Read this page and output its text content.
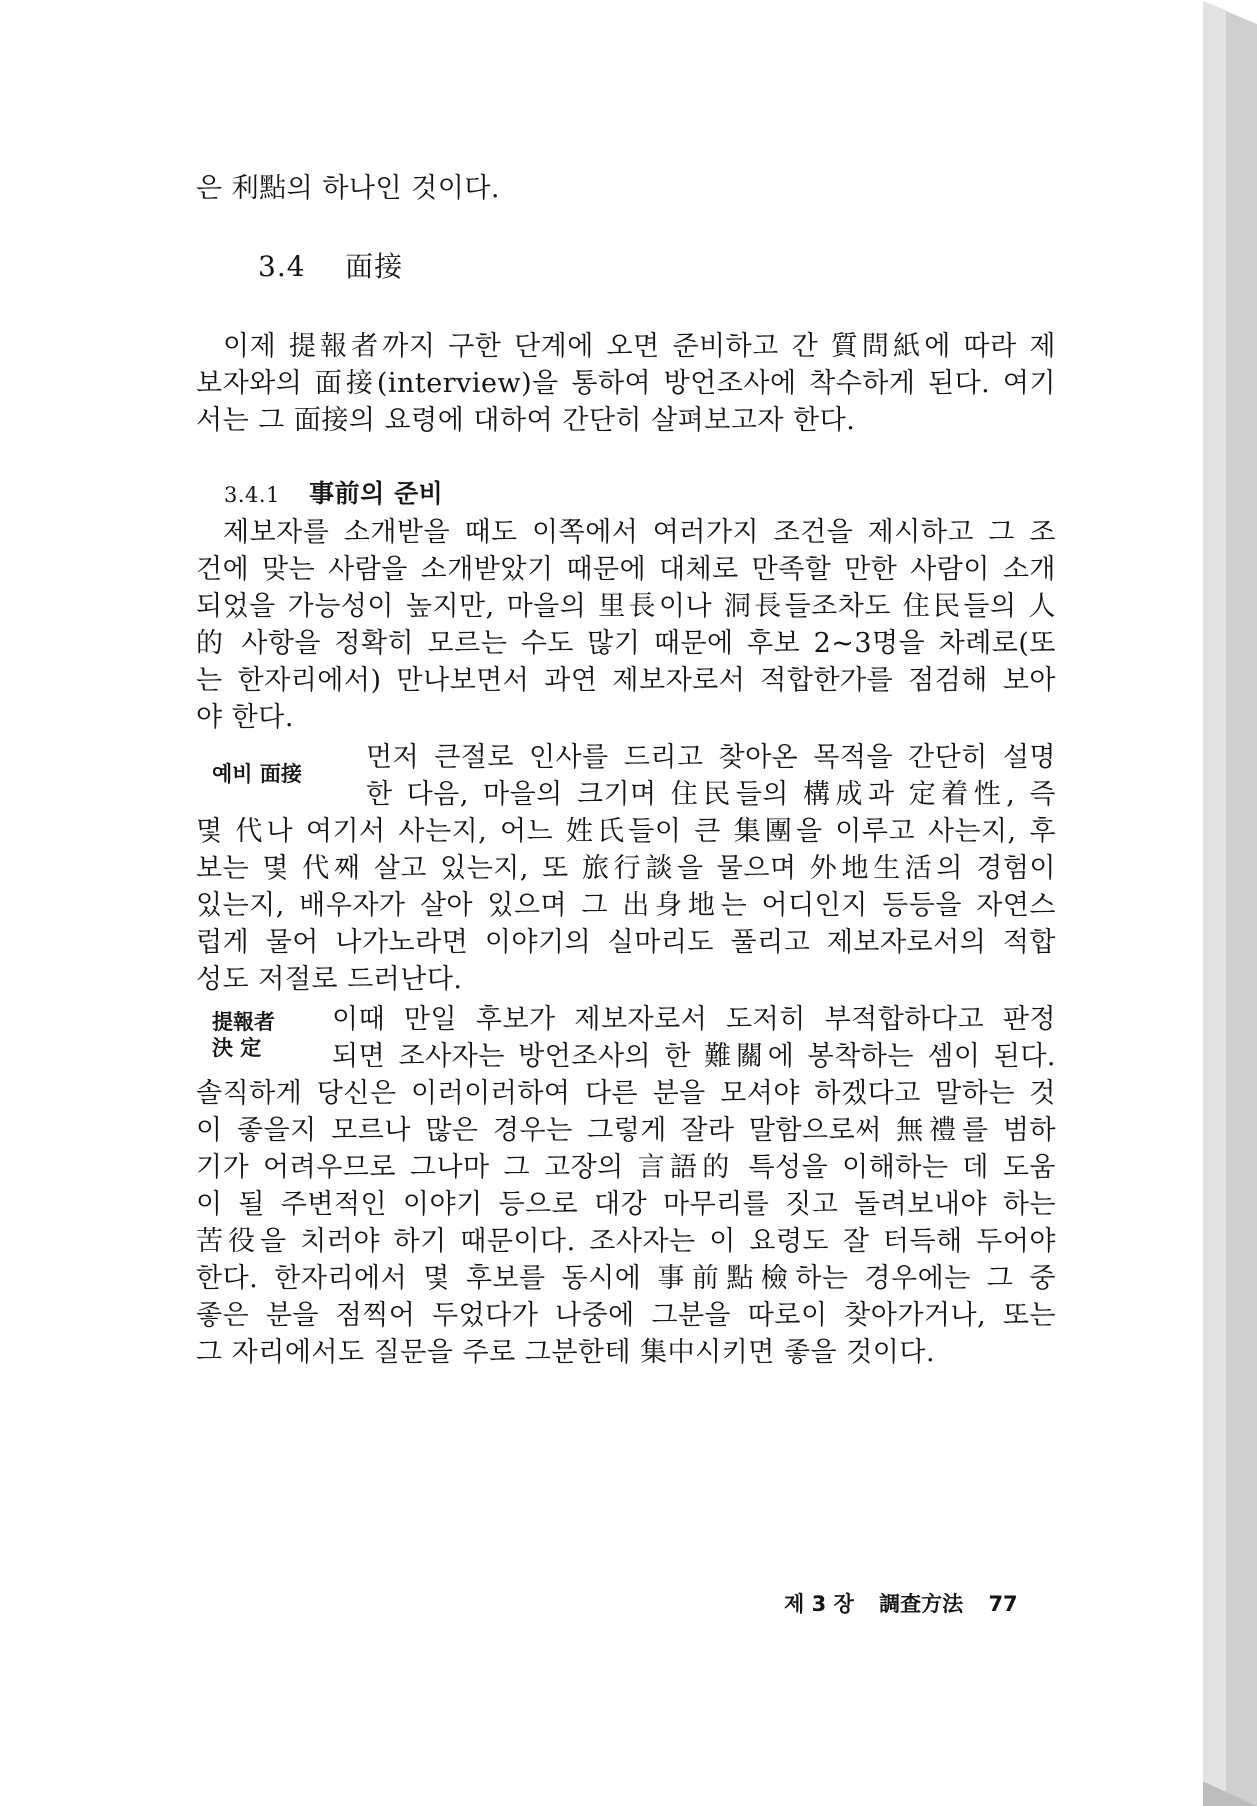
은 利點의 하나인 것이다.
3.4 面接
이제 提報者까지 구한 단계에 오면 준비하고 간 質問紙에 따라 제
보자와의 面接(interview)을 통하여 방언조사에 착수하게 된다. 여기
서는 그 面接의 요령에 대하여 간단히 살펴보고자 한다.
3.4.1 事前의 준비
제보자를 소개받을 때도 이쪽에서 여러가지 조건을 제시하고 그 조
건에 맞는 사람을 소개받았기 때문에 대체로 만족할 만한 사람이 소개
되었을 가능성이 높지만, 마을의 里長이나 洞長들조차도 住民들의 人
的 사항을 정확히 모르는 수도 많기 때문에 후보 2~3명을 차례로(또
는 한자리에서) 만나보면서 과연 제보자로서 적합한가를 점검해 보아
야 한다.
예비 面接
먼저 큰절로 인사를 드리고 찾아온 목적을 간단히 설명
한 다음, 마을의 크기며 住民들의 構成과 定着性, 즉
몇 代나 여기서 사는지, 어느 姓氏들이 큰 集團을 이루고 사는지, 후
보는 몇 代째 살고 있는지, 또 旅行談을 물으며 外地生活의 경험이
있는지, 배우자가 살아 있으며 그 出身地는 어디인지 등등을 자연스
럽게 물어 나가노라면 이야기의 실마리도 풀리고 제보자로서의 적합
성도 저절로 드러난다.
提報者
決 定
이때 만일 후보가 제보자로서 도저히 부적합하다고 판정
되면 조사자는 방언조사의 한 難關에 봉착하는 셈이 된다.
솔직하게 당신은 이러이러하여 다른 분을 모셔야 하겠다고 말하는 것
이 좋을지 모르나 많은 경우는 그렇게 잘라 말함으로써 無禮를 범하
기가 어려우므로 그나마 그 고장의 言語的 특성을 이해하는 데 도움
이 될 주변적인 이야기 등으로 대강 마무리를 짓고 돌려보내야 하는
苦役을 치러야 하기 때문이다. 조사자는 이 요령도 잘 터득해 두어야
한다. 한자리에서 몇 후보를 동시에 事前點檢하는 경우에는 그 중
좋은 분을 점찍어 두었다가 나중에 그분을 따로이 찾아가거나, 또는
그 자리에서도 질문을 주로 그분한테 集中시키면 좋을 것이다.
제 3 장 調査方法 77
